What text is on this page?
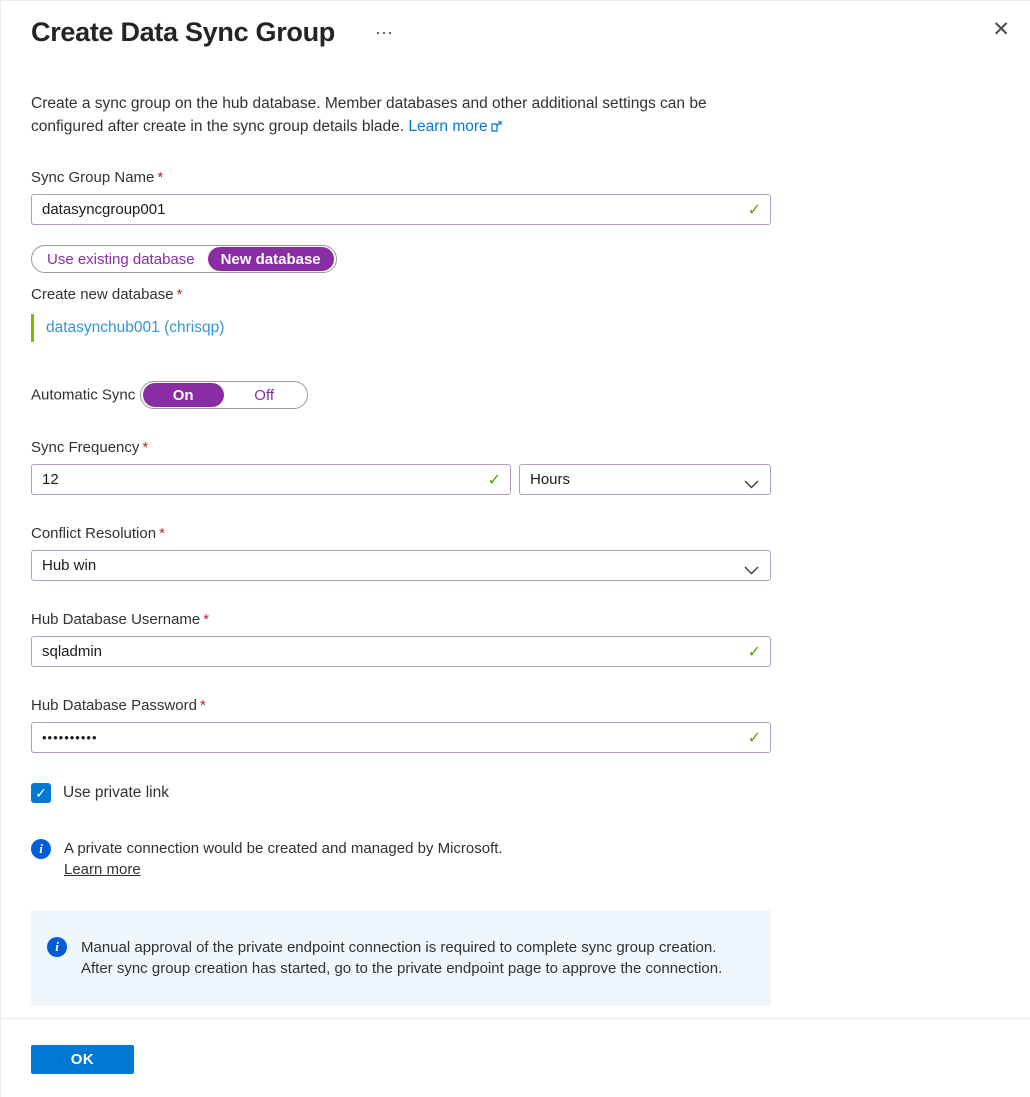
Create Data Sync Group ⋯	✕

Create a sync group on the hub database. Member databases and other additional settings can be configured after create in the sync group details blade. Learn more

Sync Group Name *
datasyncgroup001
✓
Use existing database	New database
Create new database *
datasynchub001 (chrisqp)
Automatic Sync	On	Off
Sync Frequency *
12
✓ Hours
Conflict Resolution *
Hub win
Hub Database Username *
sqladmin
✓
Hub Database Password *
••••••••••
✓
✓ Use private link
i	A private connection would be created and managed by Microsoft.
Learn more
i	Manual approval of the private endpoint connection is required to complete sync group creation. After sync group creation has started, go to the private endpoint page to approve the connection.
OK
